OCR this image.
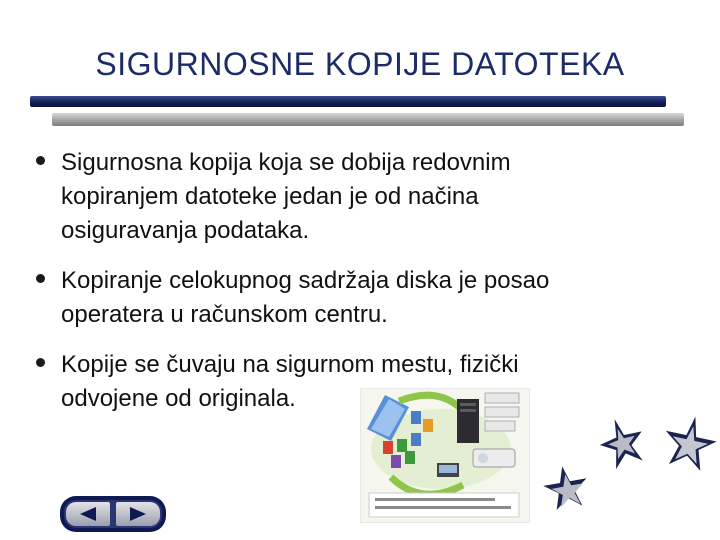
SIGURNOSNE KOPIJE DATOTEKA
Sigurnosna kopija koja se dobija redovnim
kopiranjem datoteke jedan je od načina
osiguravanja podataka.
Kopiranje celokupnog sadržaja diska je posao
operatera u računskom centru.
Kopije se čuvaju na sigurnom mestu, fizički
odvojene od originala.
